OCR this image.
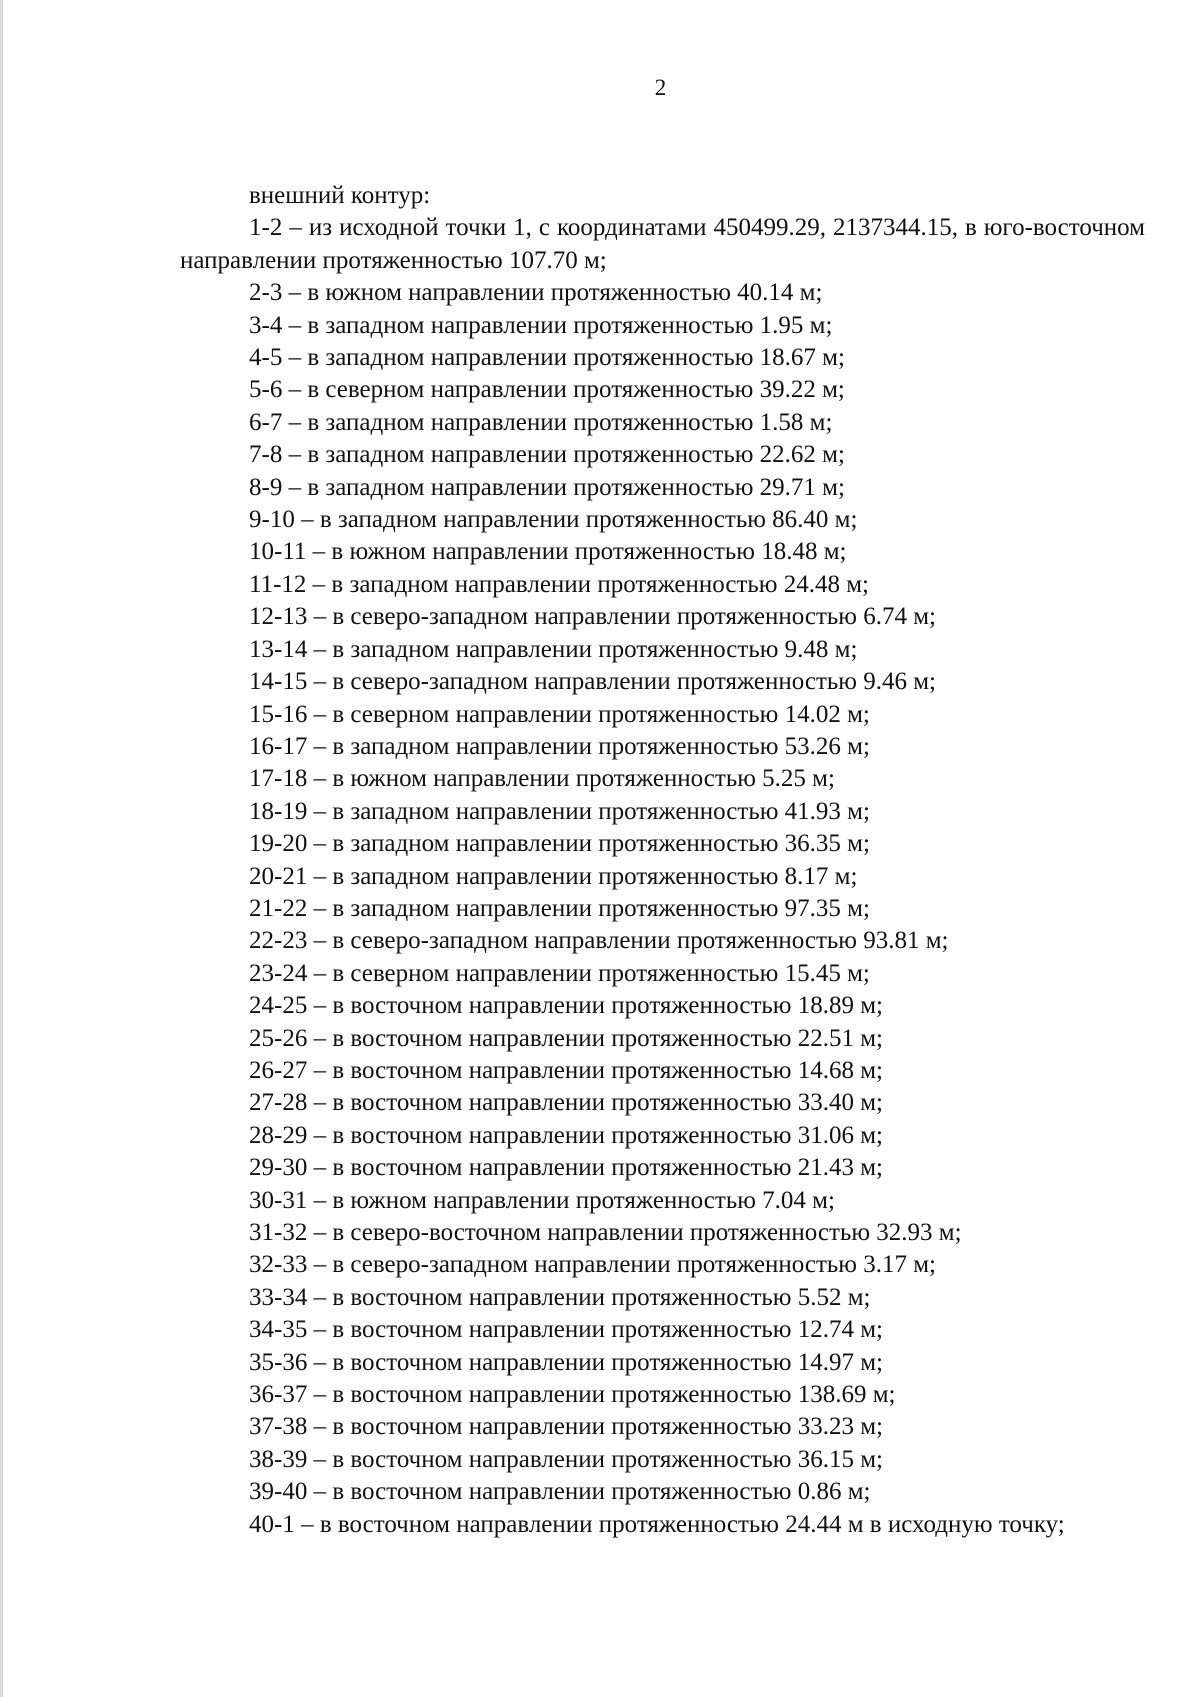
2

внешний контур:

1-2 – из исходной точки 1, с координатами 450499.29, 2137344.15, в юго-восточном направлении протяженностью 107.70 м;

2-3 – в южном направлении протяженностью 40.14 м;

3-4 – в западном направлении протяженностью 1.95 м;

4-5 – в западном направлении протяженностью 18.67 м;

5-6 – в северном направлении протяженностью 39.22 м;

6-7 – в западном направлении протяженностью 1.58 м;

7-8 – в западном направлении протяженностью 22.62 м;

8-9 – в западном направлении протяженностью 29.71 м;

9-10 – в западном направлении протяженностью 86.40 м;

10-11 – в южном направлении протяженностью 18.48 м;

11-12 – в западном направлении протяженностью 24.48 м;

12-13 – в северо-западном направлении протяженностью 6.74 м;

13-14 – в западном направлении протяженностью 9.48 м;

14-15 – в северо-западном направлении протяженностью 9.46 м;

15-16 – в северном направлении протяженностью 14.02 м;

16-17 – в западном направлении протяженностью 53.26 м;

17-18 – в южном направлении протяженностью 5.25 м;

18-19 – в западном направлении протяженностью 41.93 м;

19-20 – в западном направлении протяженностью 36.35 м;

20-21 – в западном направлении протяженностью 8.17 м;

21-22 – в западном направлении протяженностью 97.35 м;

22-23 – в северо-западном направлении протяженностью 93.81 м;

23-24 – в северном направлении протяженностью 15.45 м;

24-25 – в восточном направлении протяженностью 18.89 м;

25-26 – в восточном направлении протяженностью 22.51 м;

26-27 – в восточном направлении протяженностью 14.68 м;

27-28 – в восточном направлении протяженностью 33.40 м;

28-29 – в восточном направлении протяженностью 31.06 м;

29-30 – в восточном направлении протяженностью 21.43 м;

30-31 – в южном направлении протяженностью 7.04 м;

31-32 – в северо-восточном направлении протяженностью 32.93 м;

32-33 – в северо-западном направлении протяженностью 3.17 м;

33-34 – в восточном направлении протяженностью 5.52 м;

34-35 – в восточном направлении протяженностью 12.74 м;

35-36 – в восточном направлении протяженностью 14.97 м;

36-37 – в восточном направлении протяженностью 138.69 м;

37-38 – в восточном направлении протяженностью 33.23 м;

38-39 – в восточном направлении протяженностью 36.15 м;

39-40 – в восточном направлении протяженностью 0.86 м;

40-1 – в восточном направлении протяженностью 24.44 м в исходную точку;
